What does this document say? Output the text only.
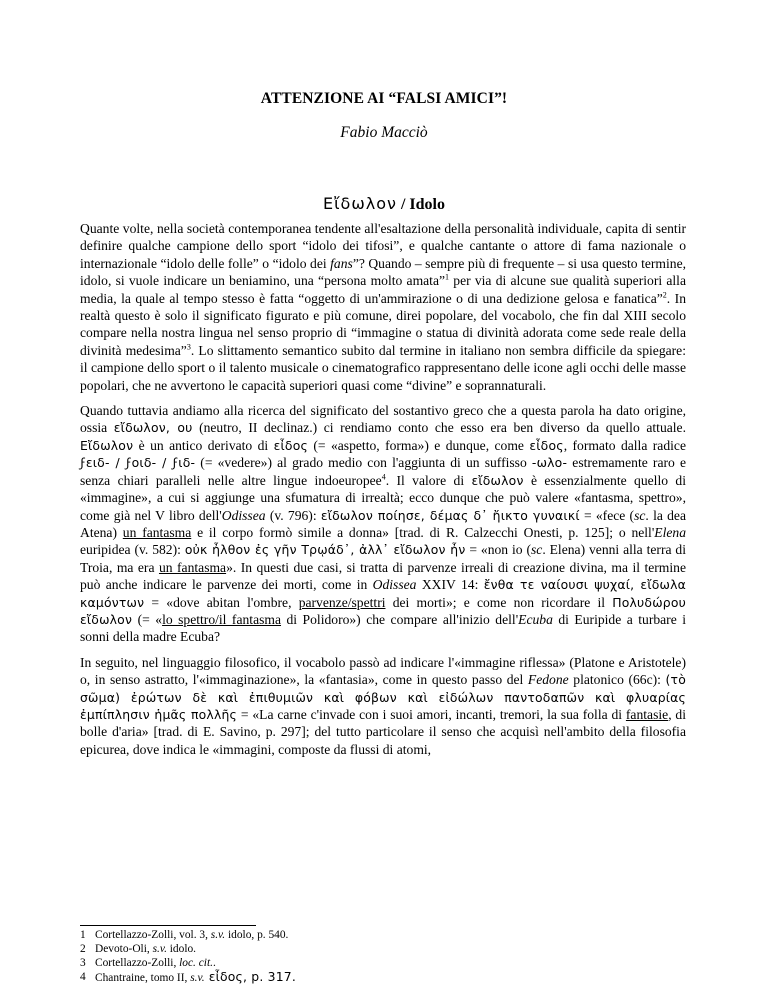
ATTENZIONE AI “FALSI AMICI”!
Fabio Macciò
Εἴδωλον / Idolo

Quante volte, nella società contemporanea tendente all'esaltazione della personalità individuale, capita di sentir definire qualche campione dello sport “idolo dei tifosi”, e qualche cantante o attore di fama nazionale o internazionale “idolo delle folle” o “idolo dei fans”? Quando – sempre più di frequente – si usa questo termine, idolo, si vuole indicare un beniamino, una “persona molto amata”$^1$ per via di alcune sue qualità superiori alla media, la quale al tempo stesso è fatta “oggetto di un'ammirazione o di una dedizione gelosa e fanatica”$^2$. In realtà questo è solo il significato figurato e più comune, direi popolare, del vocabolo, che fin dal XIII secolo compare nella nostra lingua nel senso proprio di “immagine o statua di divinità adorata come sede reale della divinità medesima”$^3$. Lo slittamento semantico subito dal termine in italiano non sembra difficile da spiegare: il campione dello sport o il talento musicale o cinematografico rappresentano delle icone agli occhi delle masse popolari, che ne avvertono le capacità superiori quasi come “divine” e soprannaturali.

Quando tuttavia andiamo alla ricerca del significato del sostantivo greco che a questa parola ha dato origine, ossia εἴδωλον, ου (neutro, II declinaz.) ci rendiamo conto che esso era ben diverso da quello attuale. Εἴδωλον è un antico derivato di εἶδος (= «aspetto, forma») e dunque, come εἶδος, formato dalla radice ϝειδ- / ϝοιδ- / ϝιδ- (= «vedere») al grado medio con l'aggiunta di un suffisso -ωλο- estremamente raro e senza chiari paralleli nelle altre lingue indoeuropee$^4$. Il valore di εἴδωλον è essenzialmente quello di «immagine», a cui si aggiunge una sfumatura di irrealtà; ecco dunque che può valere «fantasma, spettro», come già nel V libro dell'Odissea (v. 796): εἴδωλον ποίησε, δέμας δ᾽ ἤικτο γυναικί = «fece (sc. la dea Atena) un fantasma e il corpo formò simile a donna» [trad. di R. Calzecchi Onesti, p. 125]; o nell'Elena euripidea (v. 582): οὐκ ἦλθον ἐς γῆν Τρῳάδ᾽, ἀλλ᾽ εἴδωλον ἦν = «non io (sc. Elena) venni alla terra di Troia, ma era un fantasma». In questi due casi, si tratta di parvenze irreali di creazione divina, ma il termine può anche indicare le parvenze dei morti, come in Odissea XXIV 14: ἔνθα τε ναίουσι ψυχαί, εἴδωλα καμόντων = «dove abitan l'ombre, parvenze/spettri dei morti»; e come non ricordare il Πολυδώρου εἴδωλον (= «lo spettro/il fantasma di Polidoro») che compare all'inizio dell'Ecuba di Euripide a turbare i sonni della madre Ecuba?

In seguito, nel linguaggio filosofico, il vocabolo passò ad indicare l'«immagine riflessa» (Platone e Aristotele) o, in senso astratto, l'«immaginazione», la «fantasia», come in questo passo del Fedone platonico (66c): (τὸ σῶμα) ἐρώτων δὲ καὶ ἐπιθυμιῶν καὶ φόβων καὶ εἰδώλων παντοδαπῶν καὶ φλυαρίας ἐμπίπλησιν ἡμᾶς πολλῆς = «La carne c'invade con i suoi amori, incanti, tremori, la sua folla di fantasie, di bolle d'aria» [trad. di E. Savino, p. 297]; del tutto particolare il senso che acquisì nell'ambito della filosofia epicurea, dove indica le «immagini, composte da flussi di atomi,

1 Cortellazzo-Zolli, vol. 3, s.v. idolo, p. 540.
2 Devoto-Oli, s.v. idolo.
3 Cortellazzo-Zolli, loc. cit..
4 Chantraine, tomo II, s.v. εἶδος, p. 317.
